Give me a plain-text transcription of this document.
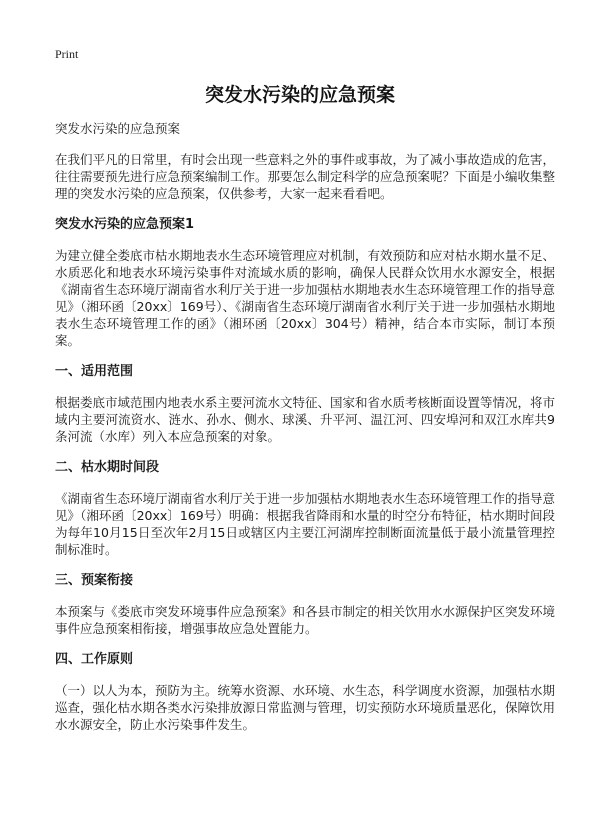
Print
突发水污染的应急预案
突发水污染的应急预案

在我们平凡的日常里，有时会出现一些意料之外的事件或事故，为了减小事故造成的危害，往往需要预先进行应急预案编制工作。那要怎么制定科学的应急预案呢？下面是小编收集整理的突发水污染的应急预案，仅供参考，大家一起来看看吧。

突发水污染的应急预案1

为建立健全娄底市枯水期地表水生态环境管理应对机制，有效预防和应对枯水期水量不足、水质恶化和地表水环境污染事件对流域水质的影响，确保人民群众饮用水水源安全，根据《湖南省生态环境厅湖南省水利厅关于进一步加强枯水期地表水生态环境管理工作的指导意见》（湘环函〔20xx〕169号）、《湖南省生态环境厅湖南省水利厅关于进一步加强枯水期地表水生态环境管理工作的函》（湘环函〔20xx〕304号）精神，结合本市实际，制订本预案。

一、适用范围

根据娄底市域范围内地表水系主要河流水文特征、国家和省水质考核断面设置等情况，将市域内主要河流资水、涟水、孙水、侧水、球溪、升平河、温江河、四安埠河和双江水库共9条河流（水库）列入本应急预案的对象。

二、枯水期时间段

《湖南省生态环境厅湖南省水利厅关于进一步加强枯水期地表水生态环境管理工作的指导意见》（湘环函〔20xx〕169号）明确：根据我省降雨和水量的时空分布特征，枯水期时间段为每年10月15日至次年2月15日或辖区内主要江河湖库控制断面流量低于最小流量管理控制标准时。

三、预案衔接

本预案与《娄底市突发环境事件应急预案》和各县市制定的相关饮用水水源保护区突发环境事件应急预案相衔接，增强事故应急处置能力。

四、工作原则

（一）以人为本，预防为主。统筹水资源、水环境、水生态，科学调度水资源，加强枯水期巡查，强化枯水期各类水污染排放源日常监测与管理，切实预防水环境质量恶化，保障饮用水水源安全，防止水污染事件发生。
